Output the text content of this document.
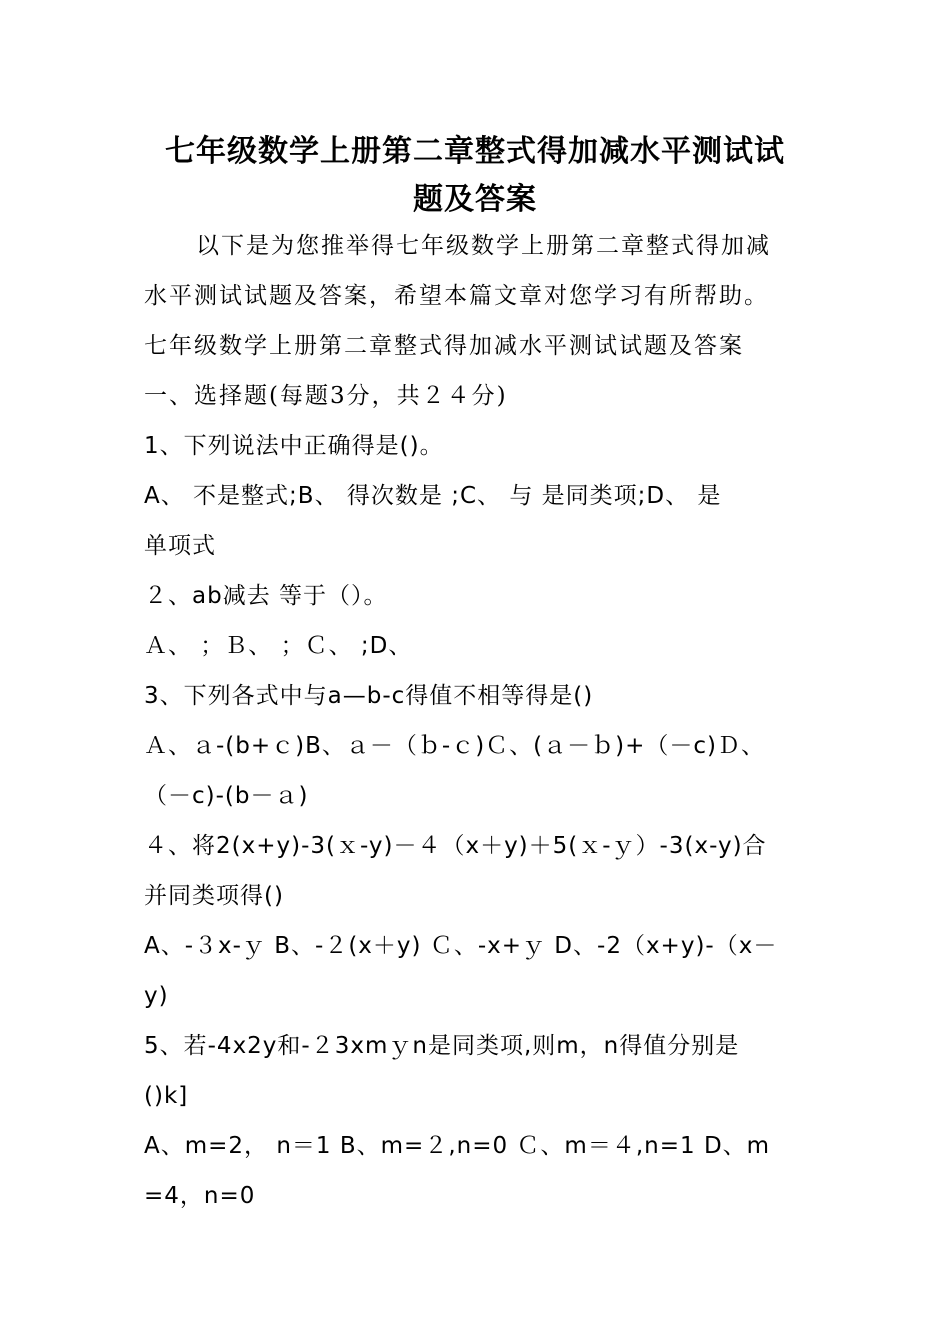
七年级数学上册第二章整式得加减水平测试试
题及答案
以下是为您推举得七年级数学上册第二章整式得加减
水平测试试题及答案，希望本篇文章对您学习有所帮助。
七年级数学上册第二章整式得加减水平测试试题及答案
一、选择题(每题3分，共２４分)
1、下列说法中正确得是()。
A、 不是整式;B、 得次数是 ;C、 与 是同类项;D、 是
单项式
２、ab减去 等于（）。
Ａ、 ；Ｂ、 ；Ｃ、 ;D、
3、下列各式中与a—b-c得值不相等得是()
Ａ、ａ-(b+ｃ)B、ａ－（ｂ-ｃ)Ｃ、(ａ－ｂ)+（－c)Ｄ、
（－c)-(b－ａ)
４、将2(x+y)-3(ｘ-y)－４（x＋y)＋5(ｘ-ｙ）-3(x-y)合
并同类项得()
A、-３x-ｙ B、-２(x＋y) Ｃ、-x+ｙ D、-2（x+y)-（x－
y)
5、若-4x2y和-２3xmｙn是同类项,则m，n得值分别是
()k]
A、m=2， n＝1 B、m=２,n=0 Ｃ、m＝４,n=1 D、m
=4，n=0
